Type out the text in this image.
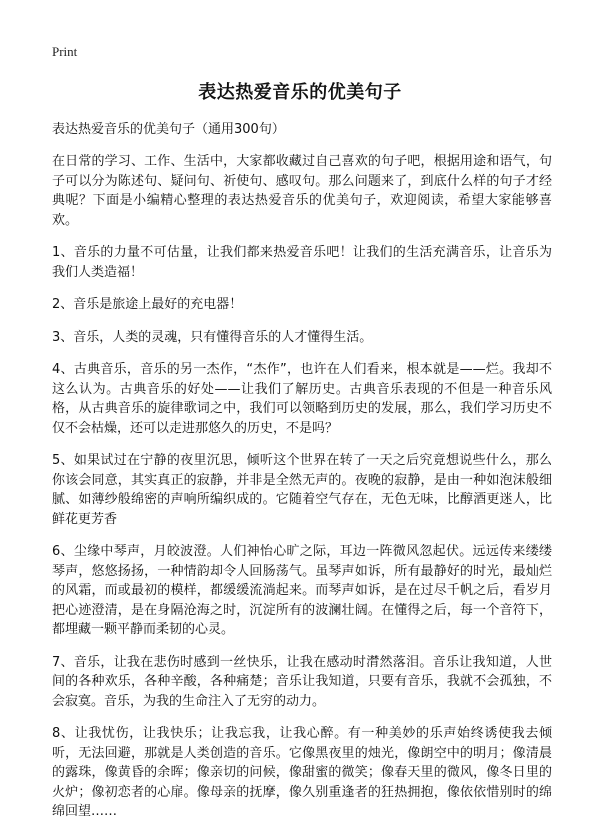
Print
表达热爱音乐的优美句子

表达热爱音乐的优美句子（通用300句）

在日常的学习、工作、生活中，大家都收藏过自己喜欢的句子吧，根据用途和语气，句子可以分为陈述句、疑问句、祈使句、感叹句。那么问题来了，到底什么样的句子才经典呢？下面是小编精心整理的表达热爱音乐的优美句子，欢迎阅读，希望大家能够喜欢。

1、音乐的力量不可估量，让我们都来热爱音乐吧！让我们的生活充满音乐，让音乐为我们人类造福！

2、音乐是旅途上最好的充电器！

3、音乐，人类的灵魂，只有懂得音乐的人才懂得生活。

4、古典音乐，音乐的另一杰作，“杰作”，也许在人们看来，根本就是——烂。我却不这么认为。古典音乐的好处——让我们了解历史。古典音乐表现的不但是一种音乐风格，从古典音乐的旋律歌词之中，我们可以领略到历史的发展，那么，我们学习历史不仅不会枯燥，还可以走进那悠久的历史，不是吗？

5、如果试过在宁静的夜里沉思，倾听这个世界在转了一天之后究竟想说些什么，那么你该会同意，其实真正的寂静，并非是全然无声的。夜晚的寂静，是由一种如泡沫般细腻、如薄纱般绵密的声响所编织成的。它随着空气存在，无色无味，比醇酒更迷人，比鲜花更芳香

6、尘缘中琴声，月皎波澄。人们神怡心旷之际，耳边一阵微风忽起伏。远远传来缕缕琴声，悠悠扬扬，一种情韵却令人回肠荡气。虽琴声如诉，所有最静好的时光，最灿烂的风霜，而或最初的模样，都缓缓流淌起来。而琴声如诉，是在过尽千帆之后，看岁月把心迹澄清，是在身隔沧海之时，沉淀所有的波澜壮阔。在懂得之后，每一个音符下，都埋藏一颗平静而柔韧的心灵。

7、音乐，让我在悲伤时感到一丝快乐，让我在感动时潸然落泪。音乐让我知道，人世间的各种欢乐，各种辛酸，各种痛楚；音乐让我知道，只要有音乐，我就不会孤独，不会寂寞。音乐，为我的生命注入了无穷的动力。

8、让我忧伤，让我快乐；让我忘我，让我心醉。有一种美妙的乐声始终诱使我去倾听，无法回避，那就是人类创造的音乐。它像黑夜里的烛光，像朗空中的明月；像清晨的露珠，像黄昏的余晖；像亲切的问候，像甜蜜的微笑；像春天里的微风，像冬日里的火炉；像初恋者的心扉。像母亲的抚摩，像久别重逢者的狂热拥抱，像依依惜别时的绵绵回望……
